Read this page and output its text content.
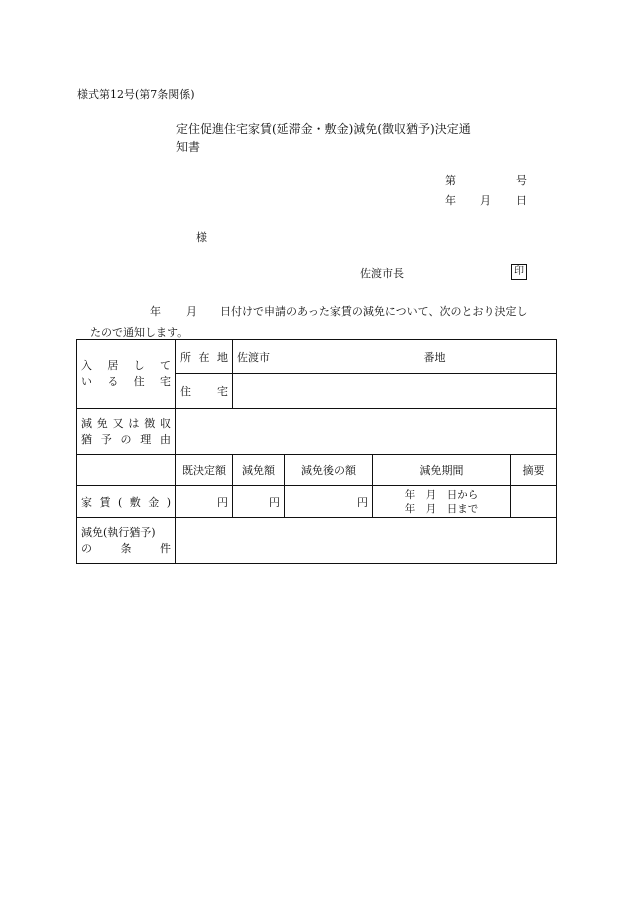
様式第12号(第7条関係)
定住促進住宅家賃(延滞金・敷金)減免(徴収猶予)決定通知書
第	号
年 月 日
様
佐渡市長	印
年 月 日付けで申請のあった家賃の減免について、次のとおり決定し
たので通知します。
入居して
いる住宅	所在地	佐渡市 番地			
	住宅				

減免又は徴収
猶予の理由					

	既決定額	減免額	減免後の額	減免期間	摘要
家賃(敷金)	円	円	円	年　月　日から
年　月　日まで	

減免(執行猶予)
の　　条　　件					
